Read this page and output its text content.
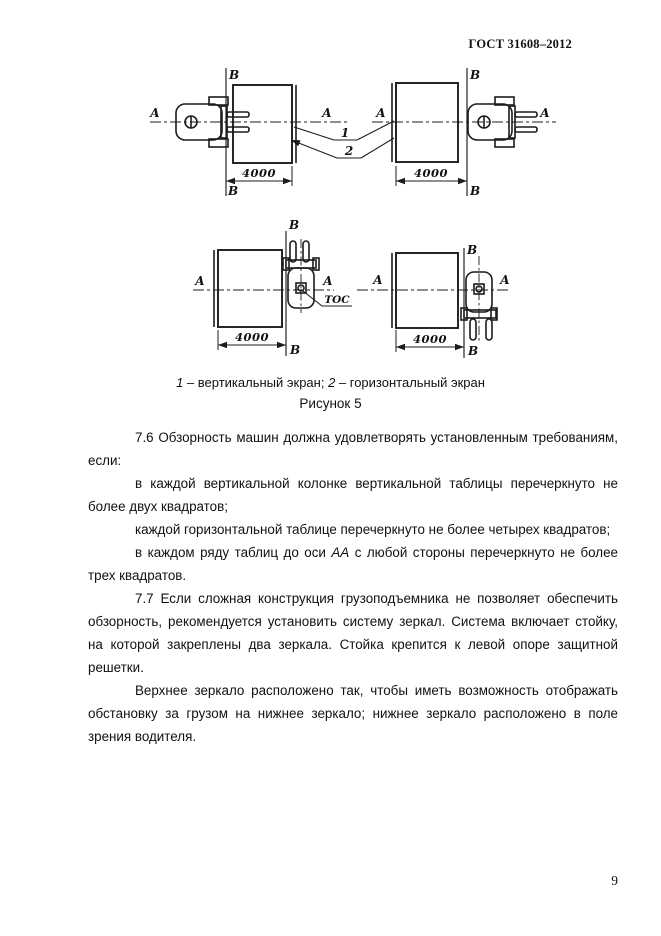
ГОСТ 31608–2012
А	А
В
В
4000
А	А
В
В
4000
1
2
А	А
В
В
ТОС
4000
А	А
В
В
4000
1 – вертикальный экран; 2 – горизонтальный экран
Рисунок 5

7.6 Обзорность машин должна удовлетворять установленным требованиям, если:

в каждой вертикальной колонке вертикальной таблицы перечеркнуто не более двух квадратов;

каждой горизонтальной таблице перечеркнуто не более четырех квадратов;

в каждом ряду таблиц до оси АА с любой стороны перечеркнуто не более трех квадратов.

7.7 Если сложная конструкция грузоподъемника не позволяет обеспечить обзорность, рекомендуется установить систему зеркал. Система включает стойку, на которой закреплены два зеркала. Стойка крепится к левой опоре защитной решетки.

Верхнее зеркало расположено так, чтобы иметь возможность отображать обстановку за грузом на нижнее зеркало; нижнее зеркало расположено в поле зрения водителя.

9
